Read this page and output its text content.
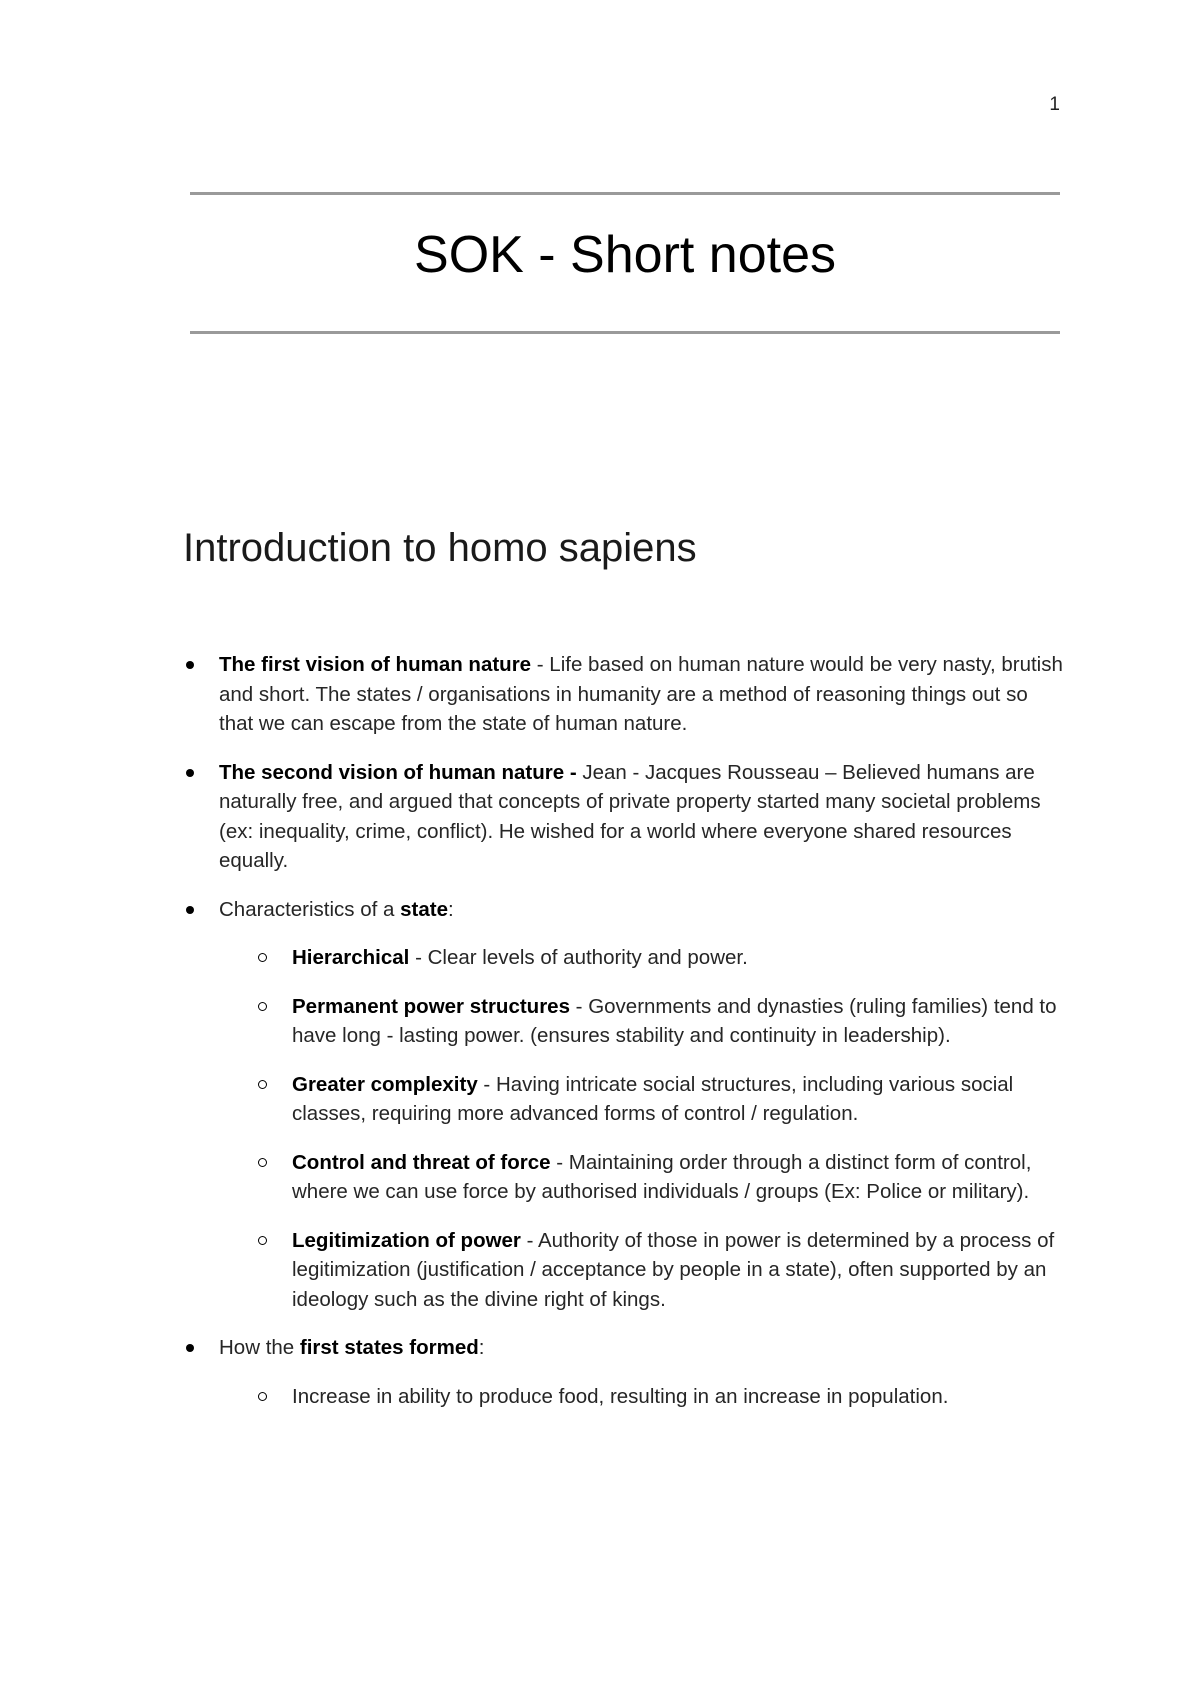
1
SOK - Short notes
Introduction to homo sapiens
The first vision of human nature - Life based on human nature would be very nasty, brutish and short. The states / organisations in humanity are a method of reasoning things out so that we can escape from the state of human nature.
The second vision of human nature - Jean - Jacques Rousseau – Believed humans are naturally free, and argued that concepts of private property started many societal problems (ex: inequality, crime, conflict). He wished for a world where everyone shared resources equally.
Characteristics of a state:
Hierarchical - Clear levels of authority and power.
Permanent power structures - Governments and dynasties (ruling families) tend to have long - lasting power. (ensures stability and continuity in leadership).
Greater complexity - Having intricate social structures, including various social classes, requiring more advanced forms of control / regulation.
Control and threat of force - Maintaining order through a distinct form of control, where we can use force by authorised individuals / groups (Ex: Police or military).
Legitimization of power - Authority of those in power is determined by a process of legitimization (justification / acceptance by people in a state), often supported by an ideology such as the divine right of kings.
How the first states formed:
Increase in ability to produce food, resulting in an increase in population.
